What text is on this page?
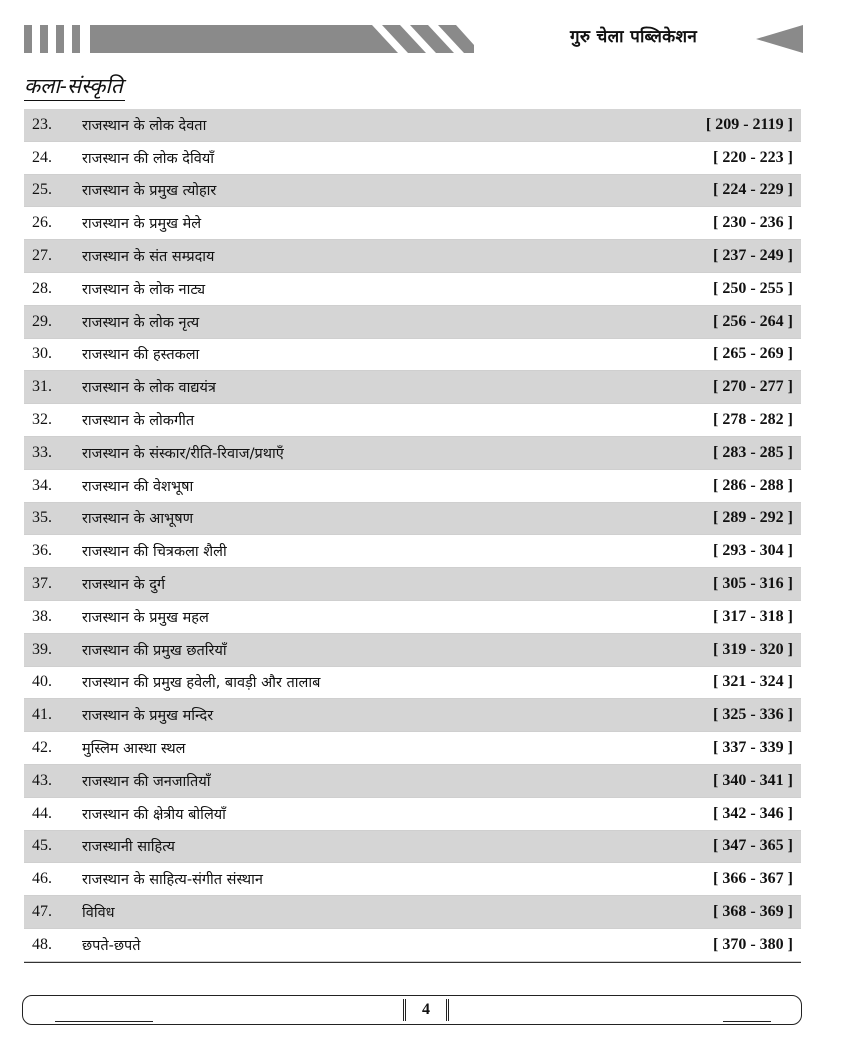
गुरु चेला पब्लिकेशन
कला-संस्कृति
23.	राजस्थान के लोक देवता	[ 209 - 2119 ]
24.	राजस्थान की लोक देवियाँ	[ 220 - 223 ]
25.	राजस्थान के प्रमुख त्योहार	[ 224 - 229 ]
26.	राजस्थान के प्रमुख मेले	[ 230 - 236 ]
27.	राजस्थान के संत सम्प्रदाय	[ 237 - 249 ]
28.	राजस्थान के लोक नाट्य	[ 250 - 255 ]
29.	राजस्थान के लोक नृत्य	[ 256 - 264 ]
30.	राजस्थान की हस्तकला	[ 265 - 269 ]
31.	राजस्थान के लोक वाद्ययंत्र	[ 270 - 277 ]
32.	राजस्थान के लोकगीत	[ 278 - 282 ]
33.	राजस्थान के संस्कार/रीति-रिवाज/प्रथाएँ	[ 283 - 285 ]
34.	राजस्थान की वेशभूषा	[ 286 - 288 ]
35.	राजस्थान के आभूषण	[ 289 - 292 ]
36.	राजस्थान की चित्रकला शैली	[ 293 - 304 ]
37.	राजस्थान के दुर्ग	[ 305 - 316 ]
38.	राजस्थान के प्रमुख महल	[ 317 - 318 ]
39.	राजस्थान की प्रमुख छतरियाँ	[ 319 - 320 ]
40.	राजस्थान की प्रमुख हवेली, बावड़ी और तालाब	[ 321 - 324 ]
41.	राजस्थान के प्रमुख मन्दिर	[ 325 - 336 ]
42.	मुस्लिम आस्था स्थल	[ 337 - 339 ]
43.	राजस्थान की जनजातियाँ	[ 340 - 341 ]
44.	राजस्थान की क्षेत्रीय बोलियाँ	[ 342 - 346 ]
45.	राजस्थानी साहित्य	[ 347 - 365 ]
46.	राजस्थान के साहित्य-संगीत संस्थान	[ 366 - 367 ]
47.	विविध	[ 368 - 369 ]
48.	छपते-छपते	[ 370 - 380 ]
4
